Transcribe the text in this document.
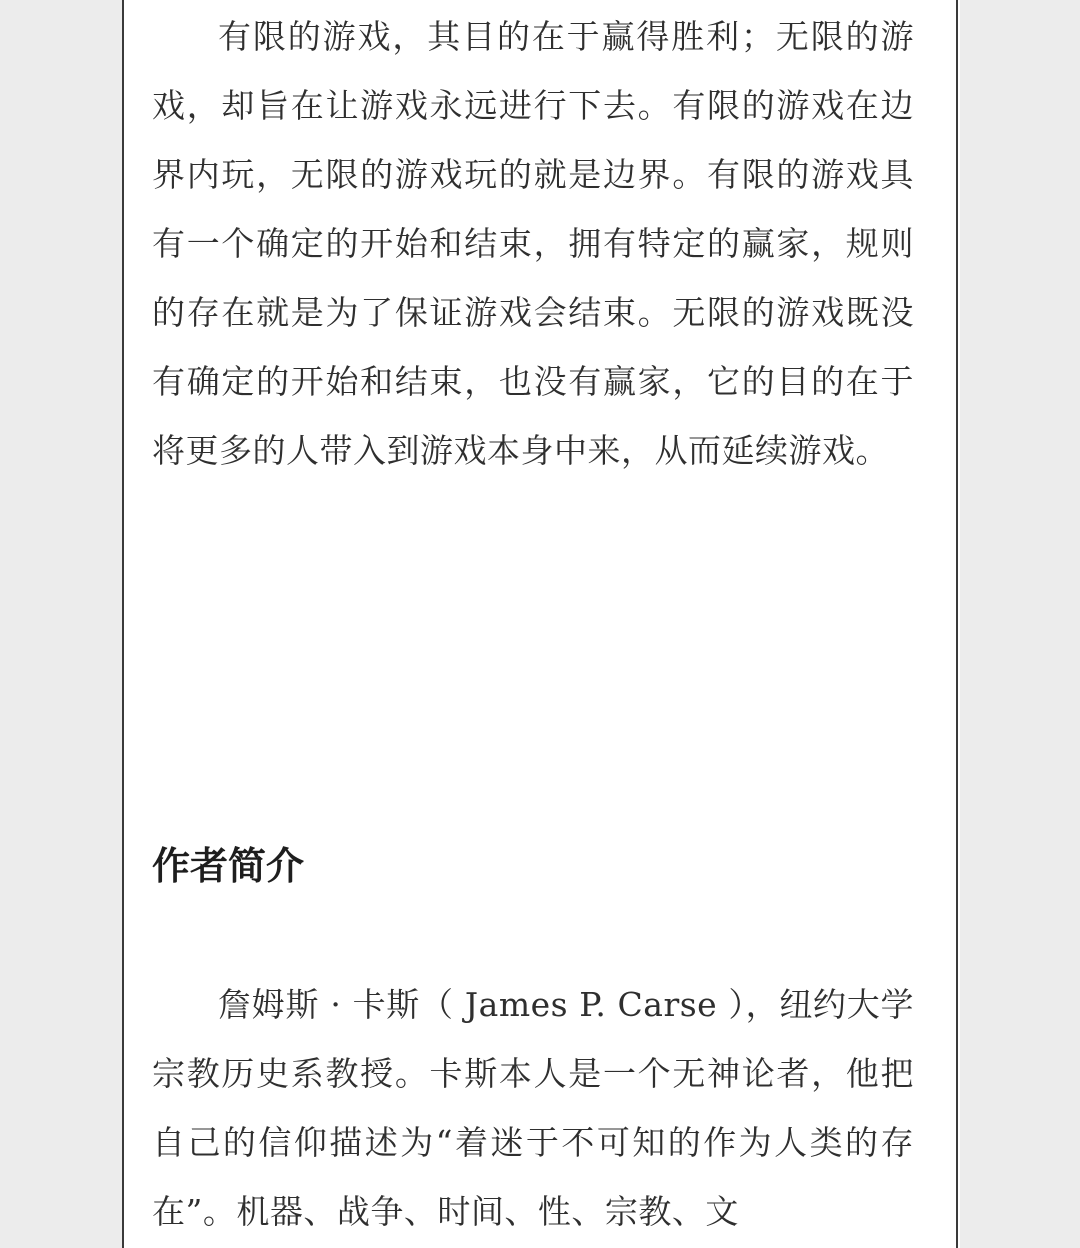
有限的游戏，其目的在于赢得胜利；无限的游戏，却旨在让游戏永远进行下去。有限的游戏在边界内玩，无限的游戏玩的就是边界。有限的游戏具有一个确定的开始和结束，拥有特定的赢家，规则的存在就是为了保证游戏会结束。无限的游戏既没有确定的开始和结束，也没有赢家，它的目的在于将更多的人带入到游戏本身中来，从而延续游戏。

作者简介

詹姆斯 · 卡斯（ James P. Carse ），纽约大学宗教历史系教授。卡斯本人是一个无神论者，他把自己的信仰描述为“着迷于不可知的作为人类的存在”。机器、战争、时间、性、宗教、文
